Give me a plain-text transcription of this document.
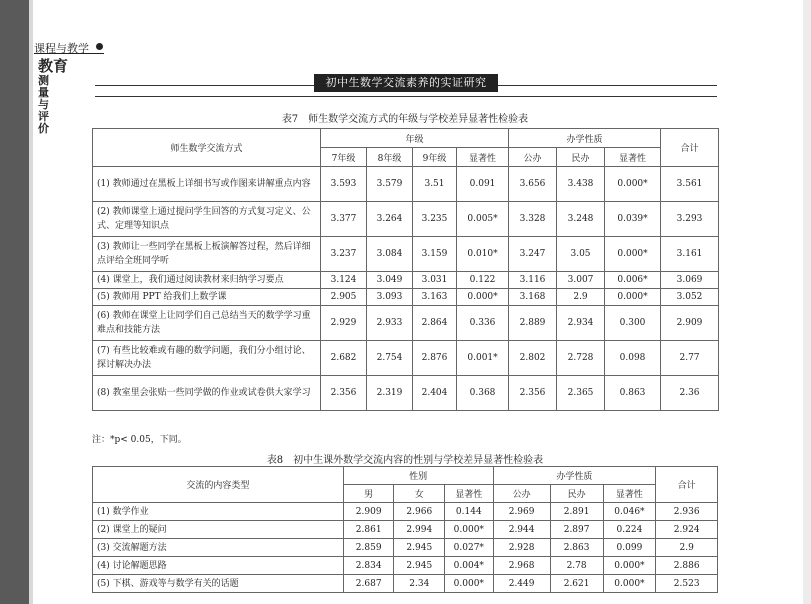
课程与教学
教育
测量与评价
初中生数学交流素养的实证研究
表7　师生数学交流方式的年级与学校差异显著性检验表
师生数学交流方式	年级				办学性质			合计
	7年级	8年级	9年级	显著性	公办	民办	显著性	
(1) 教师通过在黑板上详细书写或作图来讲解重点内容	3.593	3.579	3.51	0.091	3.656	3.438	0.000*	3.561
(2) 教师课堂上通过提问学生回答的方式复习定义、公式、定理等知识点	3.377	3.264	3.235	0.005*	3.328	3.248	0.039*	3.293
(3) 教师让一些同学在黑板上板演解答过程，然后详细点评给全班同学听	3.237	3.084	3.159	0.010*	3.247	3.05	0.000*	3.161
(4) 课堂上，我们通过阅读教材来归纳学习要点	3.124	3.049	3.031	0.122	3.116	3.007	0.006*	3.069
(5) 教师用 PPT 给我们上数学课	2.905	3.093	3.163	0.000*	3.168	2.9	0.000*	3.052
(6) 教师在课堂上让同学们自己总结当天的数学学习重难点和技能方法	2.929	2.933	2.864	0.336	2.889	2.934	0.300	2.909
(7) 有些比较难或有趣的数学问题，我们分小组讨论、探讨解决办法	2.682	2.754	2.876	0.001*	2.802	2.728	0.098	2.77
(8) 教室里会张贴一些同学做的作业或试卷供大家学习	2.356	2.319	2.404	0.368	2.356	2.365	0.863	2.36
注：*p< 0.05，下同。
表8　初中生课外数学交流内容的性别与学校差异显著性检验表
交流的内容类型	性别			办学性质			合计
	男	女	显著性	公办	民办	显著性	
(1) 数学作业	2.909	2.966	0.144	2.969	2.891	0.046*	2.936
(2) 课堂上的疑问	2.861	2.994	0.000*	2.944	2.897	0.224	2.924
(3) 交流解题方法	2.859	2.945	0.027*	2.928	2.863	0.099	2.9
(4) 讨论解题思路	2.834	2.945	0.004*	2.968	2.78	0.000*	2.886
(5) 下棋、游戏等与数学有关的话题	2.687	2.34	0.000*	2.449	2.621	0.000*	2.523
